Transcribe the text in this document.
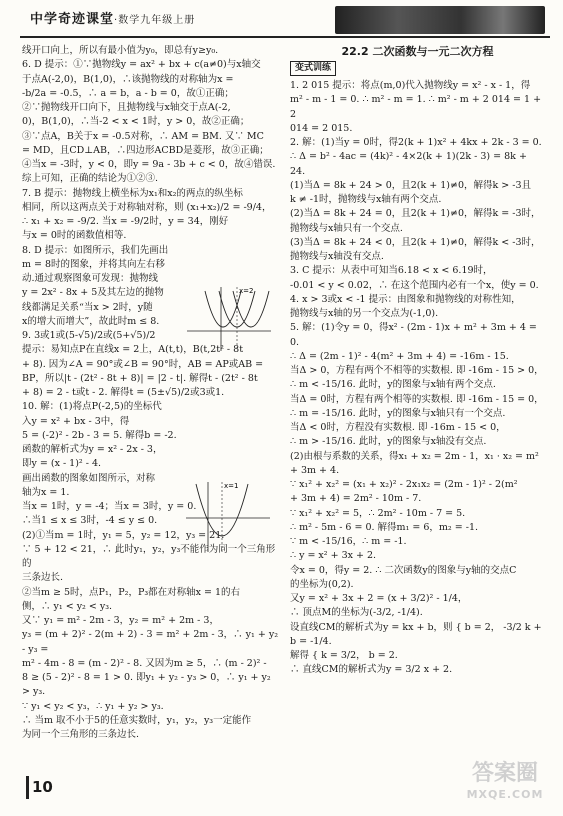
中学奇迹课堂·数学九年级上册

线开口向上，所以有最小值为y₀，即总有y≥y₀.

6. D 提示：①∵抛物线y = ax² + bx + c(a≠0)与x轴交

于点A(-2,0)，B(1,0)，∴该抛物线的对称轴为x =

-b/2a = -0.5，∴ a = b，a - b = 0，故①正确；

②∵抛物线开口向下，且抛物线与x轴交于点A(-2,

0)，B(1,0)，∴当-2 < x < 1时，y > 0，故②正确；

③∵点A，B关于x = -0.5对称，∴ AM = BM. 又∵ MC

= MD，且CD⊥AB，∴四边形ACBD是菱形，故③正确；

④当x = -3时，y < 0，即y = 9a - 3b + c < 0，故④错误.

综上可知，正确的结论为①②③.

7. B 提示：抛物线上横坐标为x₁和x₂的两点的纵坐标

相同，所以这两点关于对称轴对称，则 (x₁+x₂)/2 = -9/4，

∴ x₁ + x₂ = -9/2. 当x = -9/2时，y = 34，刚好

与x = 0时的函数值相等.

8. D 提示：如图所示，我们先画出

m = 8时的图象，并将其向左右移

动.通过观察图象可发现：抛物线

y = 2x² - 8x + 5及其左边的抛物

线都满足关系“当x > 2时，y随

x的增大而增大”，故此时m ≤ 8.

9. 3或1或(5-√5)/2或(5+√5)/2

提示：易知点P在直线x = 2上，A(t,t)，B(t,2t² - 8t

+ 8). 因为∠A = 90°或∠B = 90°时，AB = AP或AB =

BP，所以|t - (2t² - 8t + 8)| = |2 - t|. 解得t - (2t² - 8t

+ 8) = 2 - t或t - 2. 解得t = (5±√5)/2或3或1.

10. 解：(1)将点P(-2,5)的坐标代

入y = x² + bx - 3中，得

5 = (-2)² - 2b - 3 = 5. 解得b = -2.

函数的解析式为y = x² - 2x - 3，

即y = (x - 1)² - 4.

画出函数的图象如图所示，对称

轴为x = 1.

当x = 1时，y = -4；当x = 3时，y = 0.

∴当1 ≤ x ≤ 3时，-4 ≤ y ≤ 0.

(2)①当m = 1时，y₁ = 5，y₂ = 12，y₃ = 21.

∵ 5 + 12 < 21，∴ 此时y₁，y₂，y₃不能作为同一个三角形的

三条边长.

②当m ≥ 5时，点P₁，P₂，P₃都在对称轴x = 1的右

侧，∴ y₁ < y₂ < y₃.

又∵ y₁ = m² - 2m - 3，y₂ = m² + 2m - 3，

y₃ = (m + 2)² - 2(m + 2) - 3 = m² + 2m - 3，∴ y₁ + y₂ - y₃ =

m² - 4m - 8 = (m - 2)² - 8. 又因为m ≥ 5，∴ (m - 2)² -

8 ≥ (5 - 2)² - 8 = 1 > 0. 即y₁ + y₂ - y₃ > 0，∴ y₁ + y₂ > y₃.

∵ y₁ < y₂ < y₃，∴ y₁ + y₂ > y₃.

∴ 当m 取不小于5的任意实数时，y₁，y₂，y₃一定能作

为同一个三角形的三条边长.

x=2
x=1

22.2 二次函数与一元二次方程

变式训练

1. 2 015 提示：将点(m,0)代入抛物线y = x² - x - 1，得

m² - m - 1 = 0. ∴ m² - m = 1. ∴ m² - m + 2 014 = 1 + 2

014 = 2 015.

2. 解：(1)当y = 0时，得2(k + 1)x² + 4kx + 2k - 3 = 0.

∴ Δ = b² - 4ac = (4k)² - 4×2(k + 1)(2k - 3) = 8k + 24.

(1)当Δ = 8k + 24 > 0，且2(k + 1)≠0，解得k > -3且

k ≠ -1时，抛物线与x轴有两个交点.

(2)当Δ = 8k + 24 = 0，且2(k + 1)≠0，解得k = -3时，

抛物线与x轴只有一个交点.

(3)当Δ = 8k + 24 < 0，且2(k + 1)≠0，解得k < -3时，

抛物线与x轴没有交点.

3. C 提示：从表中可知当6.18 < x < 6.19时，

-0.01 < y < 0.02，∴ 在这个范围内必有一个x，使y = 0.

4. x > 3或x < -1 提示：由图象和抛物线的对称性知，

抛物线与x轴的另一个交点为(-1,0).

5. 解：(1)令y = 0，得x² - (2m - 1)x + m² + 3m + 4 = 0.

∴ Δ = (2m - 1)² - 4(m² + 3m + 4) = -16m - 15.

当Δ > 0，方程有两个不相等的实数根. 即 -16m - 15 > 0，

∴ m < -15/16. 此时，y的图象与x轴有两个交点.

当Δ = 0时，方程有两个相等的实数根. 即 -16m - 15 = 0，

∴ m = -15/16. 此时，y的图象与x轴只有一个交点.

当Δ < 0时，方程没有实数根. 即 -16m - 15 < 0，

∴ m > -15/16. 此时，y的图象与x轴没有交点.

(2)由根与系数的关系，得x₁ + x₂ = 2m - 1，x₁ · x₂ = m²

+ 3m + 4.

∵ x₁² + x₂² = (x₁ + x₂)² - 2x₁x₂ = (2m - 1)² - 2(m²

+ 3m + 4) = 2m² - 10m - 7.

∵ x₁² + x₂² = 5，∴ 2m² - 10m - 7 = 5.

∴ m² - 5m - 6 = 0. 解得m₁ = 6，m₂ = -1.

∵ m < -15/16，∴ m = -1.

∴ y = x² + 3x + 2.

令x = 0，得y = 2. ∴ 二次函数y的图象与y轴的交点C

的坐标为(0,2).

又y = x² + 3x + 2 = (x + 3/2)² - 1/4，

∴ 顶点M的坐标为(-3/2, -1/4).

设直线CM的解析式为y = kx + b，则 { b = 2， -3/2 k + b = -1/4.

解得 { k = 3/2， b = 2.

∴ 直线CM的解析式为y = 3/2 x + 2.

10
答案圈
MXQE.COM
